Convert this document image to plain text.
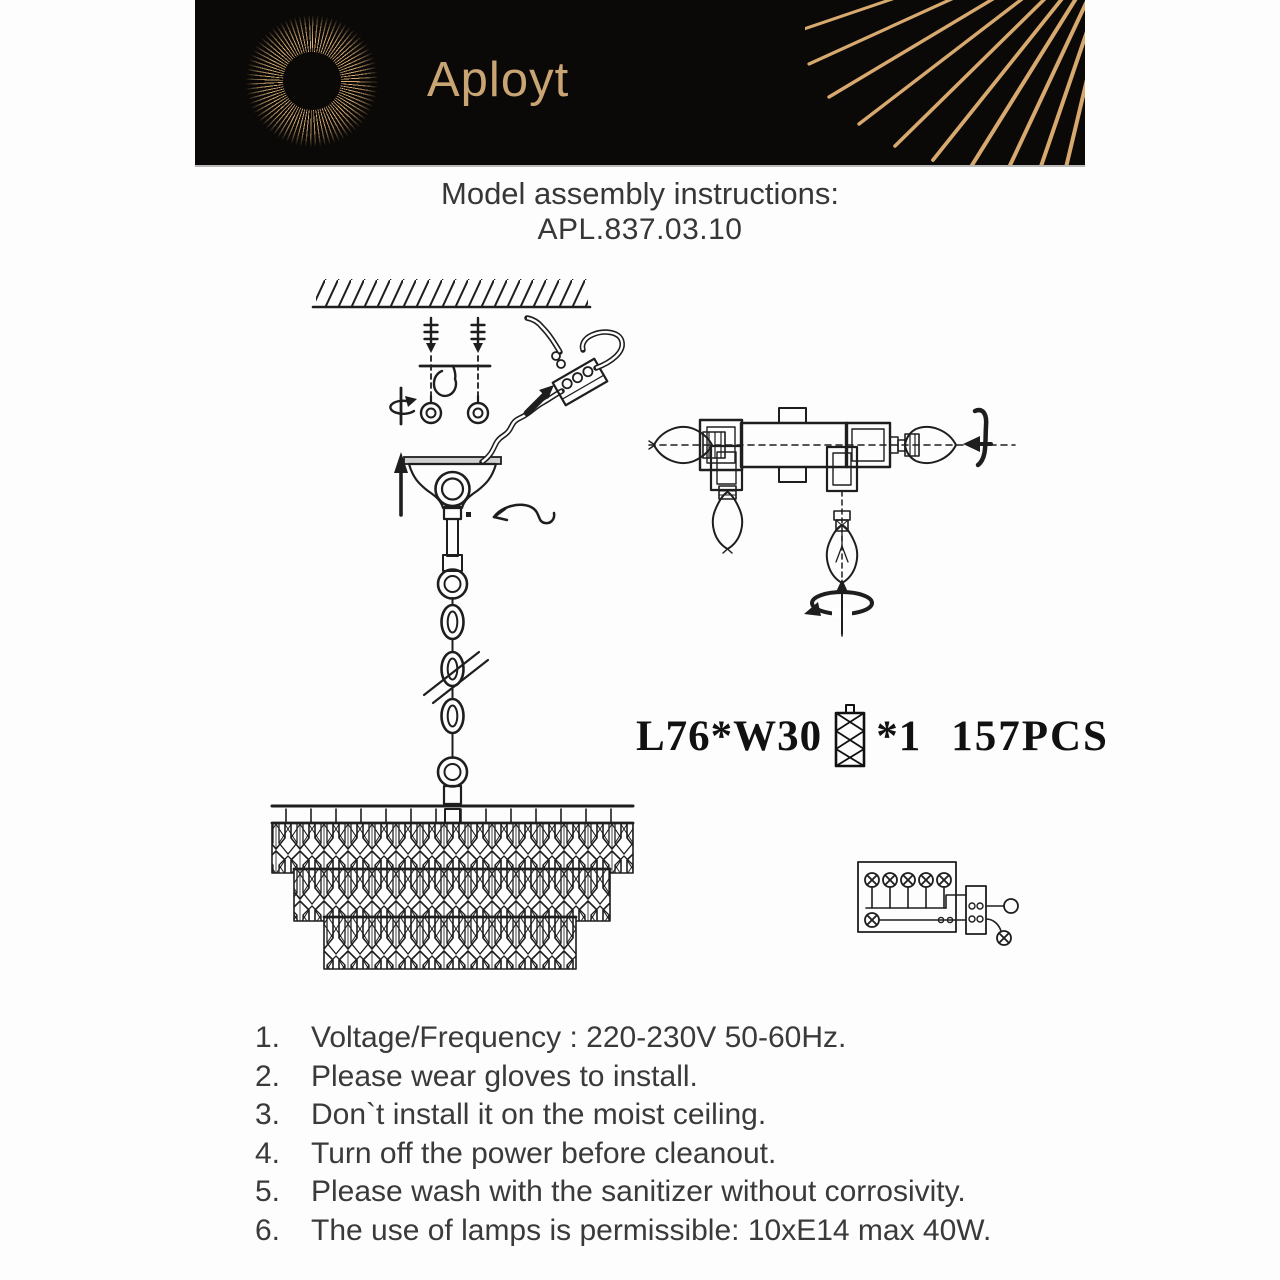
Aployt
Model assembly instructions:
APL.837.03.10
L76*W30 *1 157PCS
1.	Voltage/Frequency : 220-230V 50-60Hz.
2.	Please wear gloves to install.
3.	Don`t install it on the moist ceiling.
4.	Turn off the power before cleanout.
5.	Please wash with the sanitizer without corrosivity.
6.	The use of lamps is permissible: 10xE14 max 40W.
